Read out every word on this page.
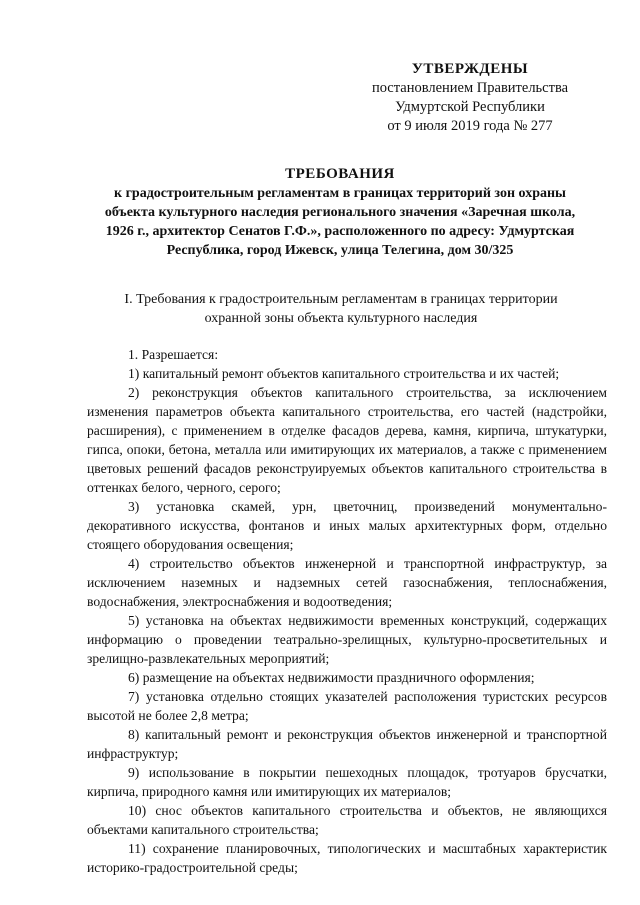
УТВЕРЖДЕНЫ
постановлением Правительства
Удмуртской Республики
от 9 июля 2019 года № 277
ТРЕБОВАНИЯ
к градостроительным регламентам в границах территорий зон охраны объекта культурного наследия регионального значения «Заречная школа, 1926 г., архитектор Сенатов Г.Ф.», расположенного по адресу: Удмуртская Республика, город Ижевск, улица Телегина, дом 30/325
I. Требования к градостроительным регламентам в границах территории охранной зоны объекта культурного наследия

1. Разрешается:

1) капитальный ремонт объектов капитального строительства и их частей;

2) реконструкция объектов капитального строительства, за исключением изменения параметров объекта капитального строительства, его частей (надстройки, расширения), с применением в отделке фасадов дерева, камня, кирпича, штукатурки, гипса, опоки, бетона, металла или имитирующих их материалов, а также с применением цветовых решений фасадов реконструируемых объектов капитального строительства в оттенках белого, черного, серого;

3) установка скамей, урн, цветочниц, произведений монументально-декоративного искусства, фонтанов и иных малых архитектурных форм, отдельно стоящего оборудования освещения;

4) строительство объектов инженерной и транспортной инфраструктур, за исключением наземных и надземных сетей газоснабжения, теплоснабжения, водоснабжения, электроснабжения и водоотведения;

5) установка на объектах недвижимости временных конструкций, содержащих информацию о проведении театрально-зрелищных, культурно-просветительных и зрелищно-развлекательных мероприятий;

6) размещение на объектах недвижимости праздничного оформления;

7) установка отдельно стоящих указателей расположения туристских ресурсов высотой не более 2,8 метра;

8) капитальный ремонт и реконструкция объектов инженерной и транспортной инфраструктур;

9) использование в покрытии пешеходных площадок, тротуаров брусчатки, кирпича, природного камня или имитирующих их материалов;

10) снос объектов капитального строительства и объектов, не являющихся объектами капитального строительства;

11) сохранение планировочных, типологических и масштабных характеристик историко-градостроительной среды;
